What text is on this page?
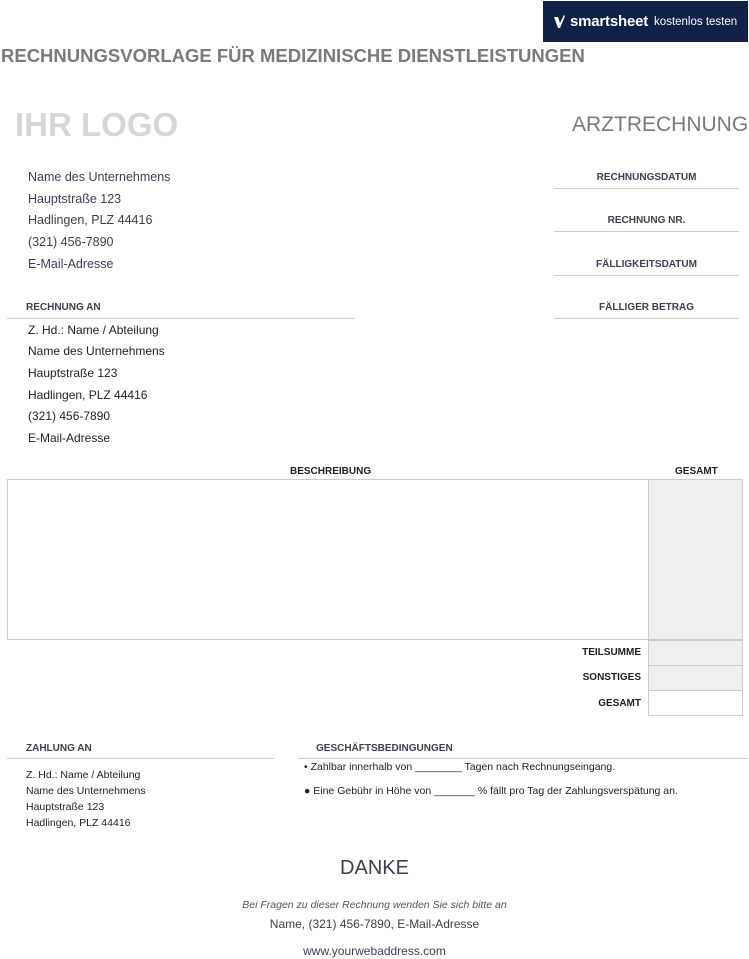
smartsheet kostenlos testen
RECHNUNGSVORLAGE FÜR MEDIZINISCHE DIENSTLEISTUNGEN
IHR LOGO	ARZTRECHNUNG
Name des Unternehmens
Hauptstraße 123
Hadlingen, PLZ 44416
(321) 456-7890
E-Mail-Adresse
RECHNUNGSDATUM
RECHNUNG NR.
FÄLLIGKEITSDATUM
FÄLLIGER BETRAG
RECHNUNG AN
Z. Hd.: Name / Abteilung
Name des Unternehmens
Hauptstraße 123
Hadlingen, PLZ 44416
(321) 456-7890
E-Mail-Adresse
BESCHREIBUNG	GESAMT
TEILSUMME
SONSTIGES
GESAMT
ZAHLUNG AN
Z. Hd.: Name / Abteilung
Name des Unternehmens
Hauptstraße 123
Hadlingen, PLZ 44416
GESCHÄFTSBEDINGUNGEN
• Zahlbar innerhalb von ________ Tagen nach Rechnungseingang.
● Eine Gebühr in Höhe von _______ % fällt pro Tag der Zahlungsverspätung an.
DANKE
Bei Fragen zu dieser Rechnung wenden Sie sich bitte an
Name, (321) 456-7890, E-Mail-Adresse
www.yourwebaddress.com
